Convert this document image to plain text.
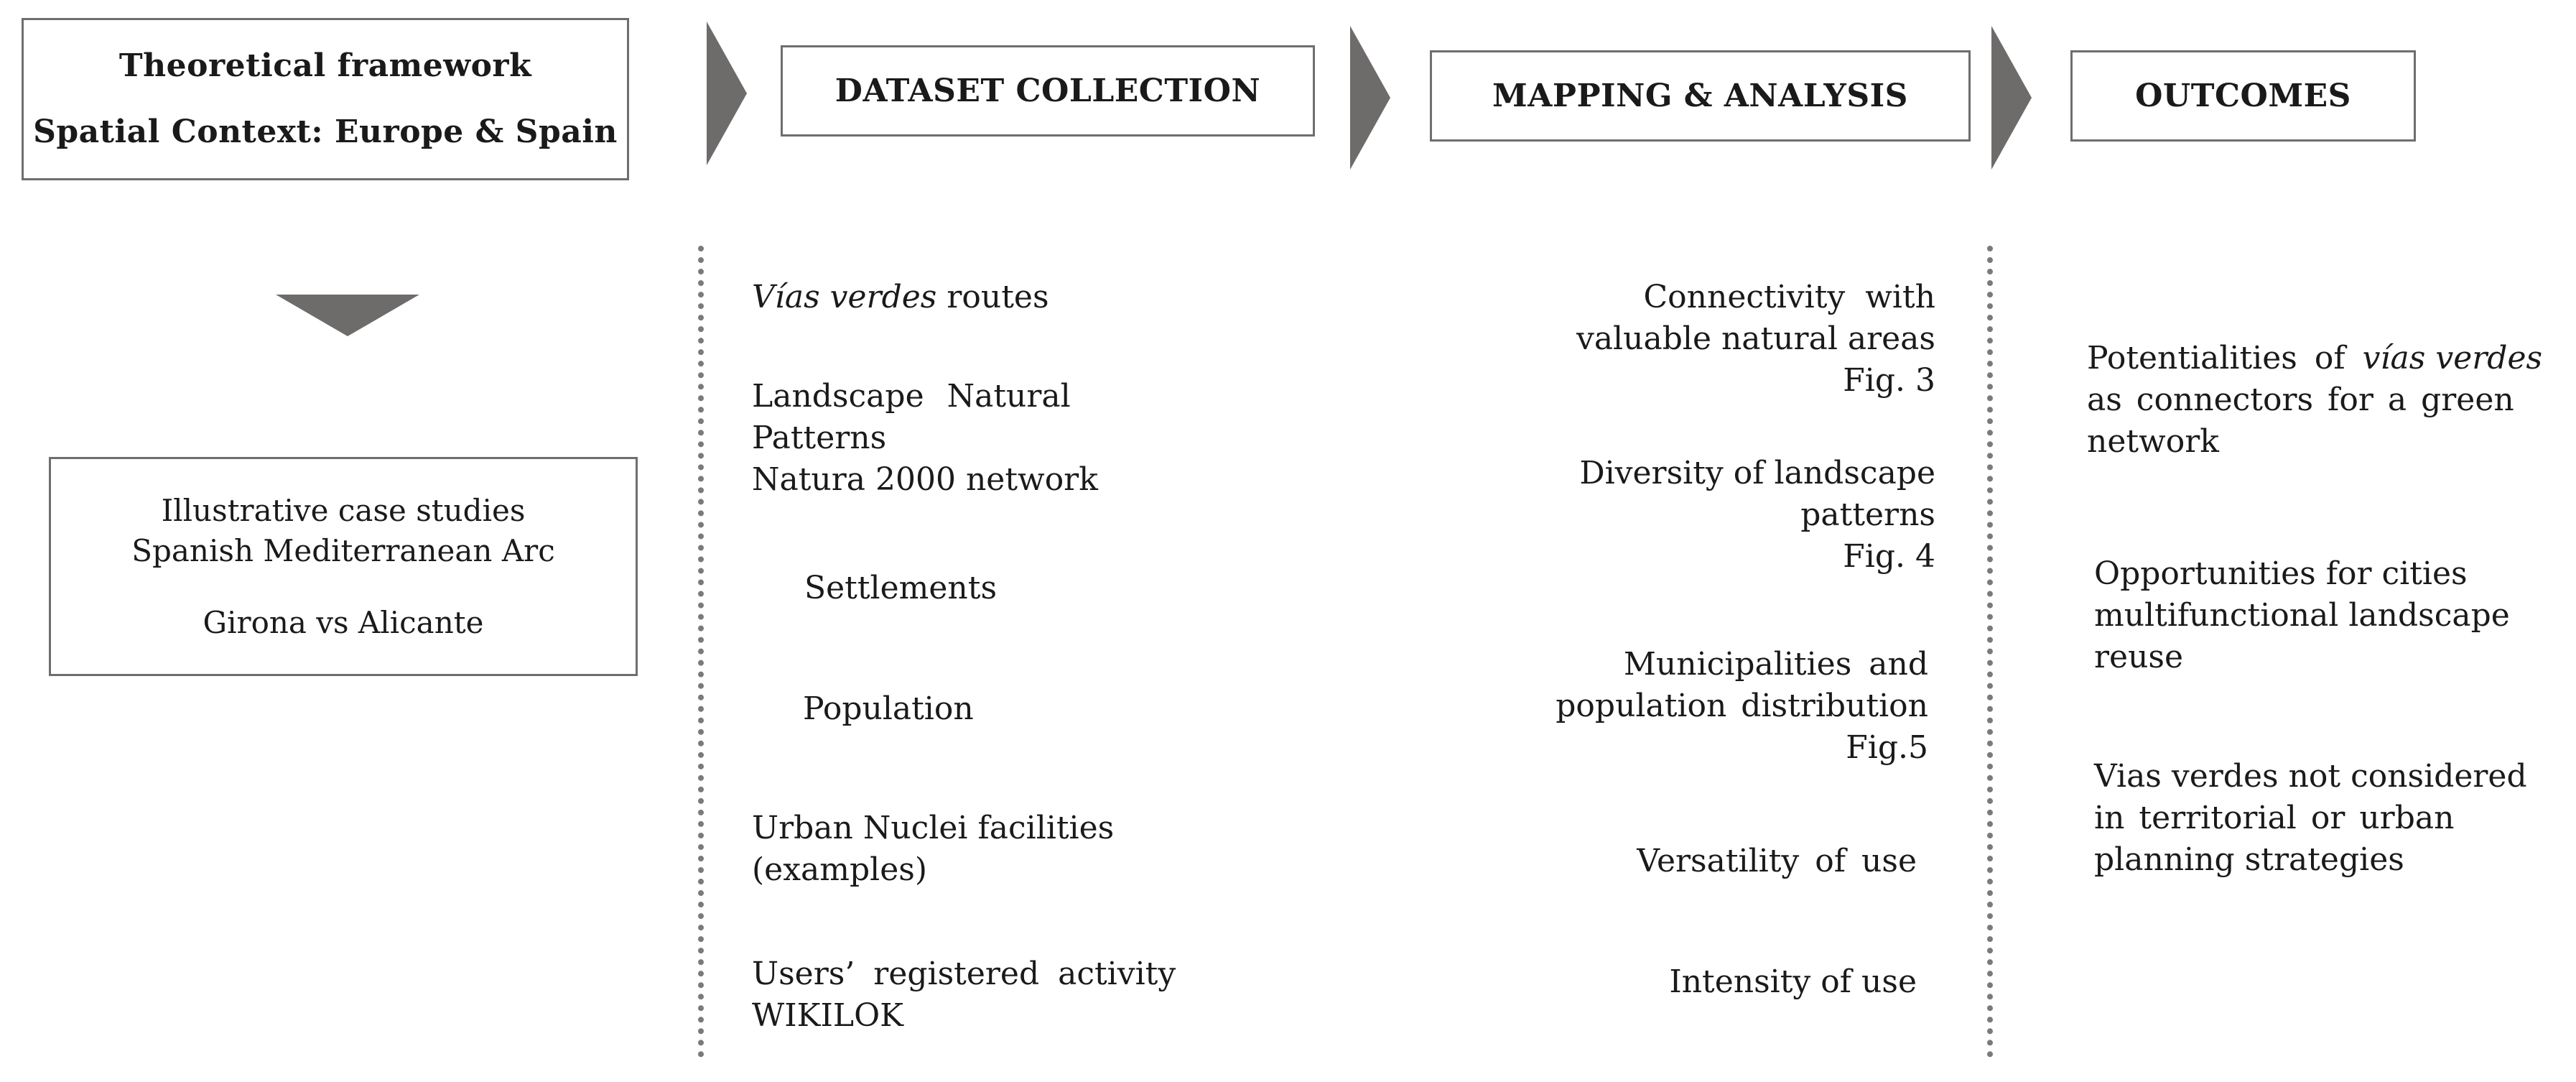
Theoretical framework
Spatial Context: Europe & Spain
DATASET COLLECTION	MAPPING & ANALYSIS	OUTCOMES
Illustrative case studies
Spanish Mediterranean Arc
Girona vs Alicante
Vías verdes routes
Landscape Natural
Patterns
Natura 2000 network
Settlements
Population
Urban Nuclei facilities
(examples)
Users’ registered activity
WIKILOK
Connectivity with
valuable natural areas
Fig. 3
Diversity of landscape
patterns
Fig. 4
Municipalities and
population distribution
Fig.5
Versatility of use
Intensity of use
Potentialities of vías verdes
as connectors for a green
network
Opportunities for cities
multifunctional landscape
reuse
Vias verdes not considered
in territorial or urban
planning strategies
